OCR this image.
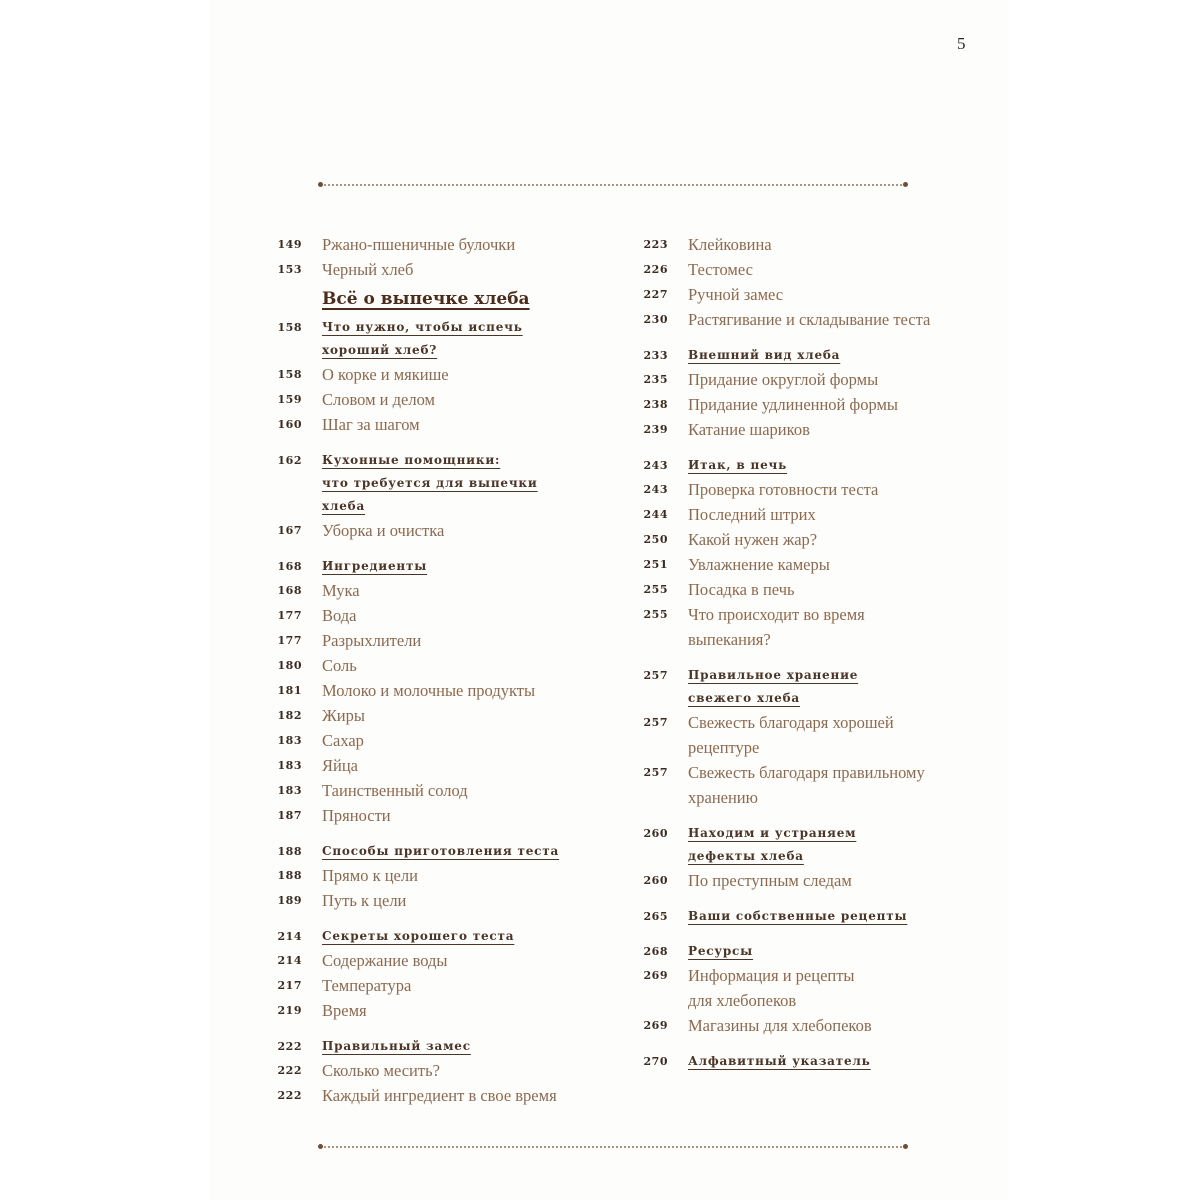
5
149 Ржано-пшеничные булочки
153 Черный хлеб
Всё о выпечке хлеба
158 Что нужно, чтобы испечь
хороший хлеб?
158 О корке и мякише
159 Словом и делом
160 Шаг за шагом
162 Кухонные помощники:
что требуется для выпечки
хлеба
167 Уборка и очистка
168 Ингредиенты
168 Мука
177 Вода
177 Разрыхлители
180 Соль
181 Молоко и молочные продукты
182 Жиры
183 Сахар
183 Яйца
183 Таинственный солод
187 Пряности
188 Способы приготовления теста
188 Прямо к цели
189 Путь к цели
214 Секреты хорошего теста
214 Содержание воды
217 Температура
219 Время
222 Правильный замес
222 Сколько месить?
222 Каждый ингредиент в свое время
223 Клейковина
226 Тестомес
227 Ручной замес
230 Растягивание и складывание теста
233 Внешний вид хлеба
235 Придание округлой формы
238 Придание удлиненной формы
239 Катание шариков
243 Итак, в печь
243 Проверка готовности теста
244 Последний штрих
250 Какой нужен жар?
251 Увлажнение камеры
255 Посадка в печь
255 Что происходит во время
выпекания?
257 Правильное хранение
свежего хлеба
257 Свежесть благодаря хорошей
рецептуре
257 Свежесть благодаря правильному
хранению
260 Находим и устраняем
дефекты хлеба
260 По преступным следам
265 Ваши собственные рецепты
268 Ресурсы
269 Информация и рецепты
для хлебопеков
269 Магазины для хлебопеков
270 Алфавитный указатель
